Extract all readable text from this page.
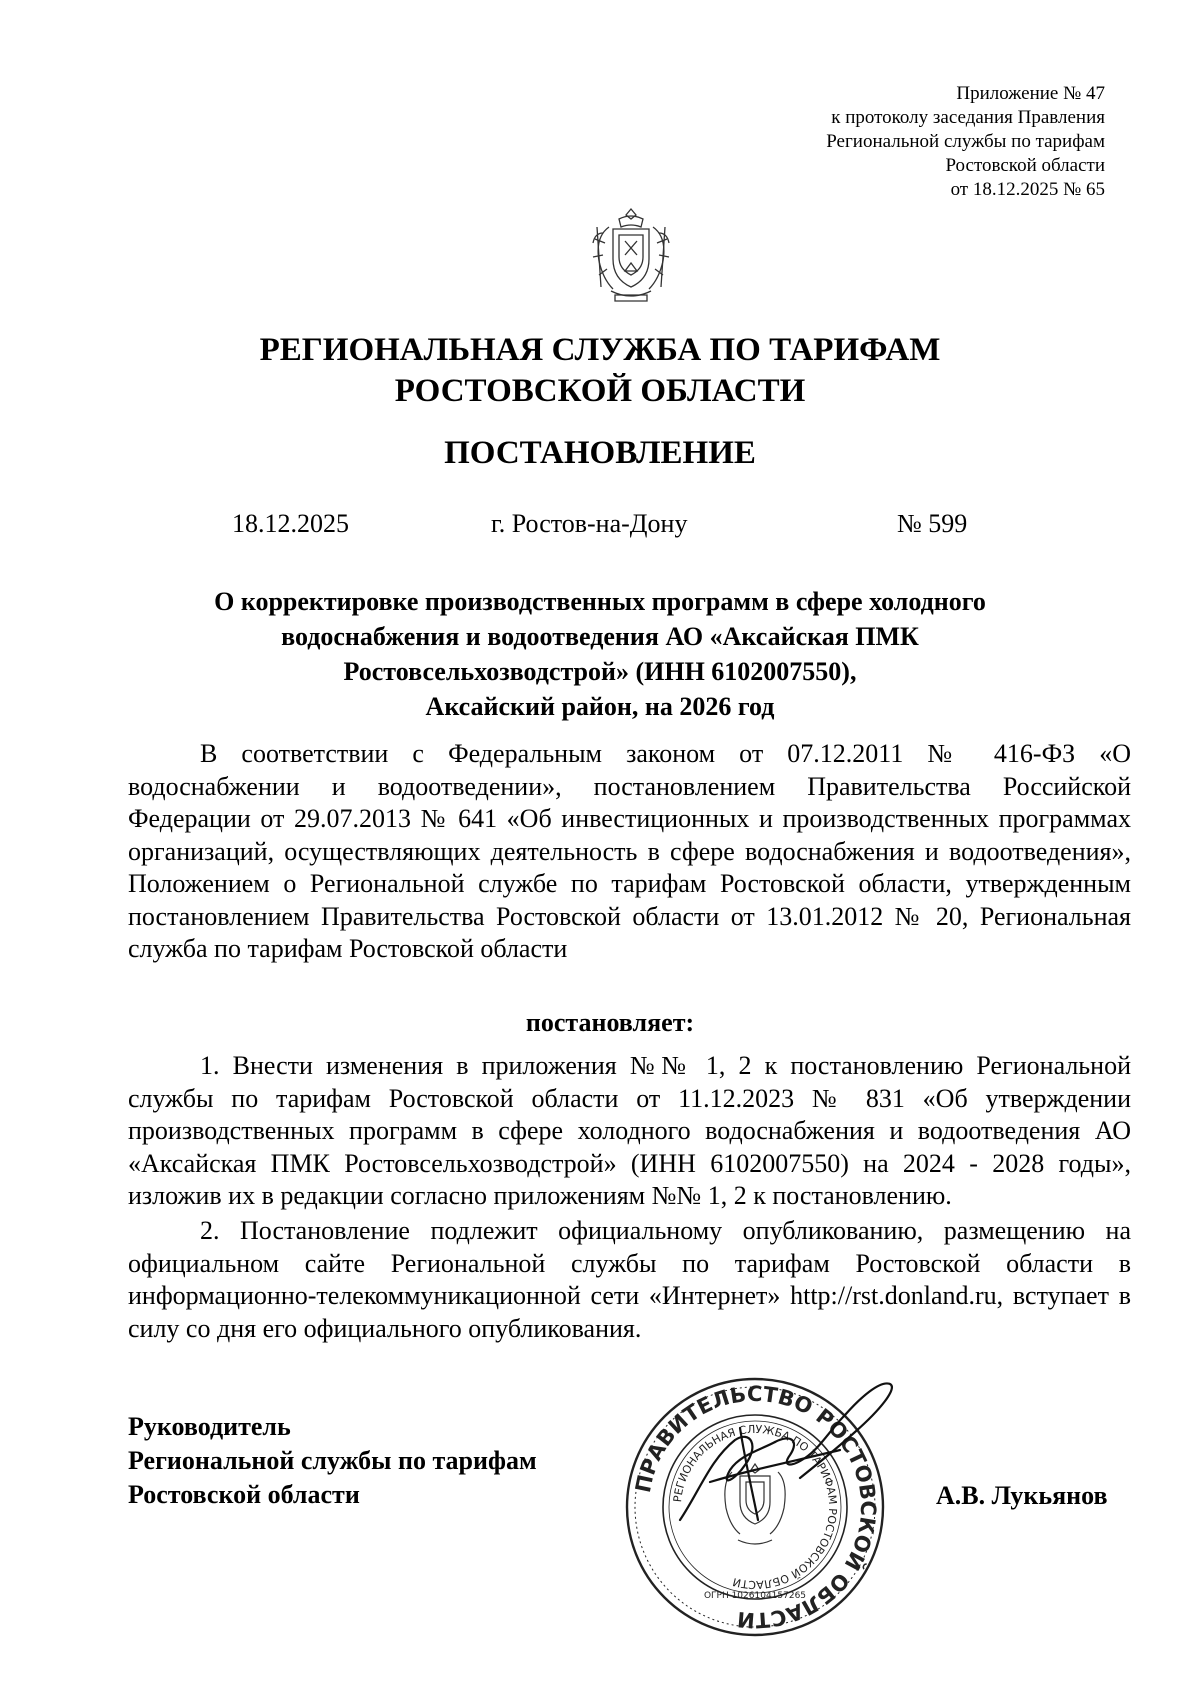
Приложение № 47
к протоколу заседания Правления
Региональной службы по тарифам
Ростовской области
от 18.12.2025 № 65
РЕГИОНАЛЬНАЯ СЛУЖБА ПО ТАРИФАМ
РОСТОВСКОЙ ОБЛАСТИ
ПОСТАНОВЛЕНИЕ
18.12.2025	г. Ростов-на-Дону	№ 599
О корректировке производственных программ в сфере холодного
водоснабжения и водоотведения АО «Аксайская ПМК
Ростовсельхозводстрой» (ИНН 6102007550),
Аксайский район, на 2026 год

В соответствии с Федеральным законом от 07.12.2011 № 416-ФЗ «О водоснабжении и водоотведении», постановлением Правительства Российской Федерации от 29.07.2013 № 641 «Об инвестиционных и производственных программах организаций, осуществляющих деятельность в сфере водоснабжения и водоотведения», Положением о Региональной службе по тарифам Ростовской области, утвержденным постановлением Правительства Ростовской области от 13.01.2012 № 20, Региональная служба по тарифам Ростовской области

постановляет:

1. Внести изменения в приложения №№ 1, 2 к постановлению Региональной службы по тарифам Ростовской области от 11.12.2023 № 831 «Об утверждении производственных программ в сфере холодного водоснабжения и водоотведения АО «Аксайская ПМК Ростовсельхозводстрой» (ИНН 6102007550) на 2024 - 2028 годы», изложив их в редакции согласно приложениям №№ 1, 2 к постановлению.

2. Постановление подлежит официальному опубликованию, размещению на официальном сайте Региональной службы по тарифам Ростовской области в информационно-телекоммуникационной сети «Интернет» http://rst.donland.ru, вступает в силу со дня его официального опубликования.

ПРАВИТЕЛЬСТВО РОСТОВСКОЙ ОБЛАСТИ
РЕГИОНАЛЬНАЯ СЛУЖБА ПО ТАРИФАМ РОСТОВСКОЙ ОБЛАСТИ
ОГРН 1026104157265
Руководитель
Региональной службы по тарифам
Ростовской области	А.В. Лукьянов
